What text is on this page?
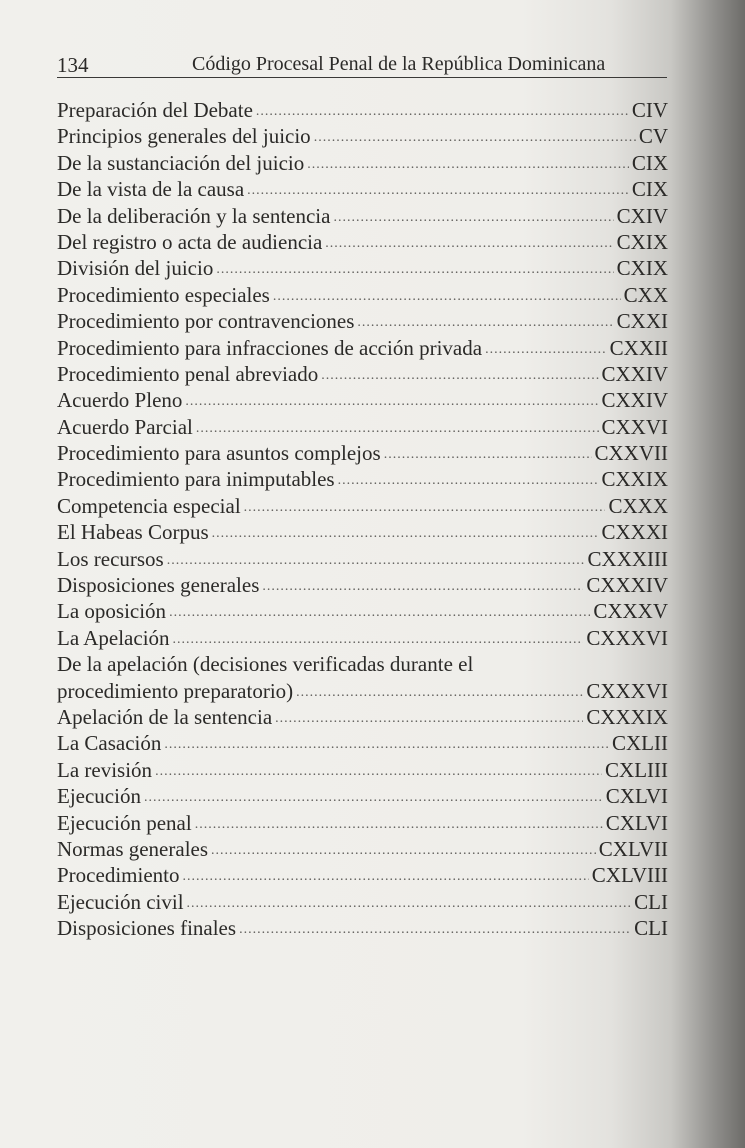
134	Código Procesal Penal de la República Dominicana
Preparación del Debate .....	CIV
Principios generales del juicio .....	CV
De la sustanciación del juicio .....	CIX
De la vista de la causa .....	CIX
De la deliberación y la sentencia .....	CXIV
Del registro o acta de audiencia .....	CXIX
División del juicio .....	CXIX
Procedimiento especiales .....	CXX
Procedimiento por contravenciones .....	CXXI
Procedimiento para infracciones de acción privada .....	CXXII
Procedimiento penal abreviado .....	CXXIV
Acuerdo Pleno .....	CXXIV
Acuerdo Parcial .....	CXXVI
Procedimiento para asuntos complejos .....	CXXVII
Procedimiento para inimputables .....	CXXIX
Competencia especial .....	CXXX
El Habeas Corpus .....	CXXXI
Los recursos .....	CXXXIII
Disposiciones generales .....	CXXXIV
La oposición .....	CXXXV
La Apelación .....	CXXXVI
De la apelación (decisiones verificadas durante el
procedimiento preparatorio) .....	CXXXVI
Apelación de la sentencia .....	CXXXIX
La Casación .....	CXLII
La revisión .....	CXLIII
Ejecución .....	CXLVI
Ejecución penal .....	CXLVI
Normas generales .....	CXLVII
Procedimiento .....	CXLVIII
Ejecución civil .....	CLI
Disposiciones finales .....	CLI
